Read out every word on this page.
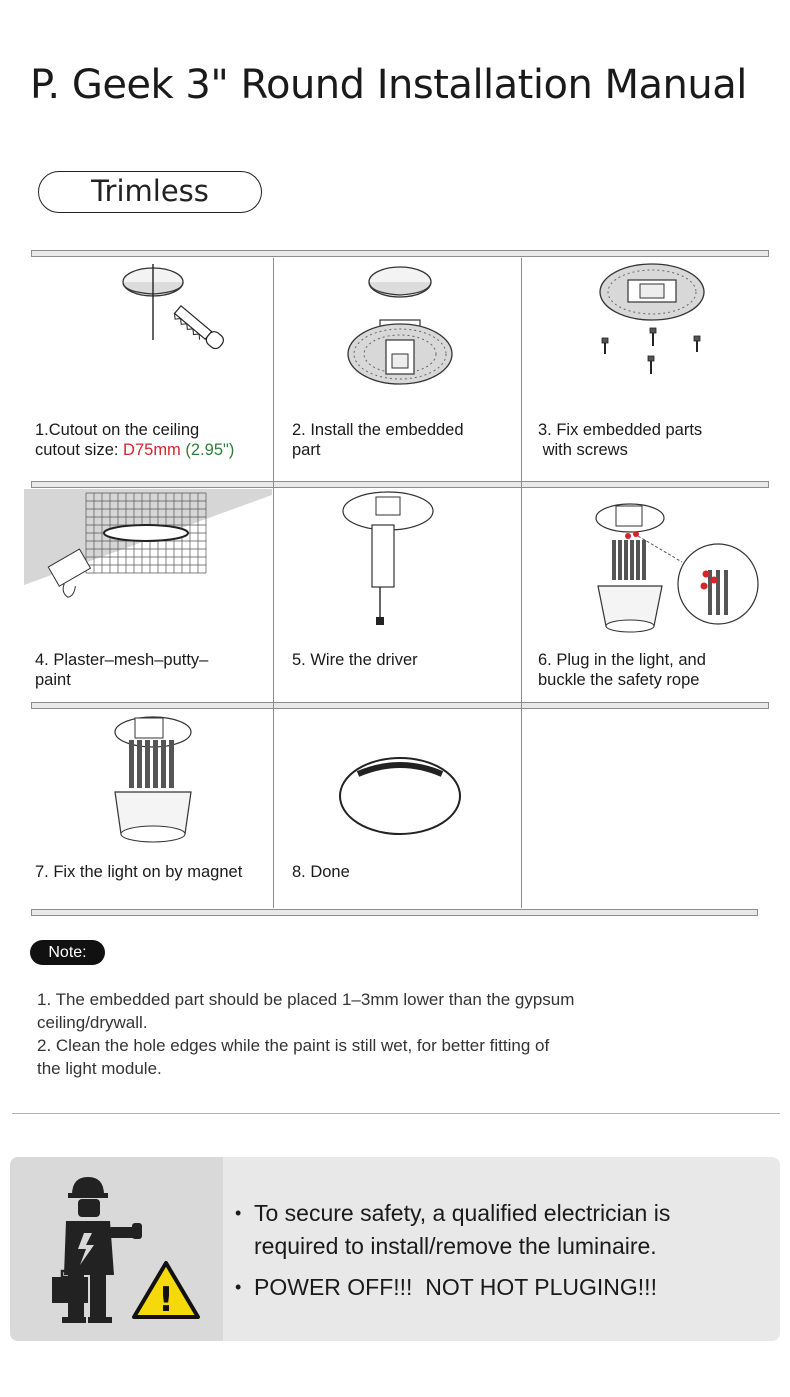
P. Geek 3" Round Installation Manual
Trimless
1.Cutout on the ceiling
cutout size: D75mm (2.95")
2. Install the embedded
part
3. Fix embedded parts
with screws
4. Plaster–mesh–putty–
paint
5. Wire the driver	6. Plug in the light, and
buckle the safety rope
7. Fix the light on by magnet	8. Done
Note:
1. The embedded part should be placed 1–3mm lower than the gypsum
ceiling/drywall.
2. Clean the hole edges while the paint is still wet, for better fitting of
the light module.
!
• To secure safety, a qualified electrician is
required to install/remove the luminaire.
• POWER OFF!!!  NOT HOT PLUGING!!!
